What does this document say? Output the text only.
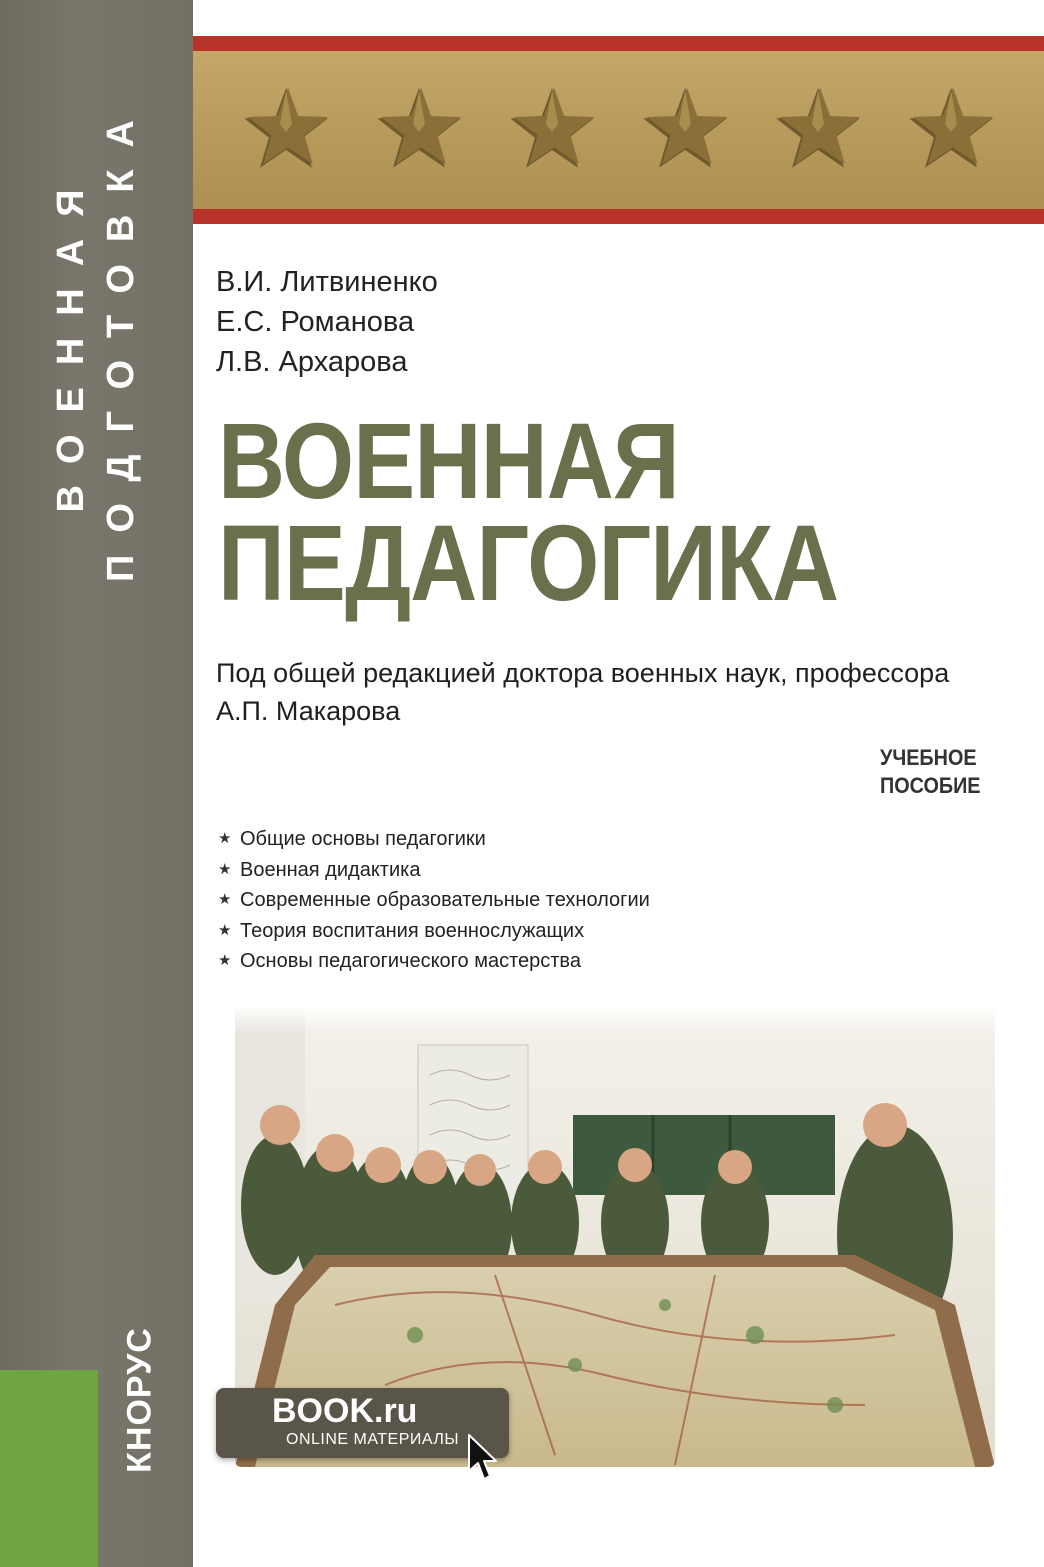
ВОЕННАЯ ПОДГОТОВКА
КНОРУС
В.И. Литвиненко
Е.С. Романова
Л.В. Архарова
ВОЕННАЯ
ПЕДАГОГИКА
Под общей редакцией доктора военных наук, профессора
А.П. Макарова
УЧЕБНОЕ
ПОСОБИЕ
★ Общие основы педагогики
★ Военная дидактика
★ Современные образовательные технологии
★ Теория воспитания военнослужащих
★ Основы педагогического мастерства
BOOK.ru
ONLINE МАТЕРИАЛЫ
